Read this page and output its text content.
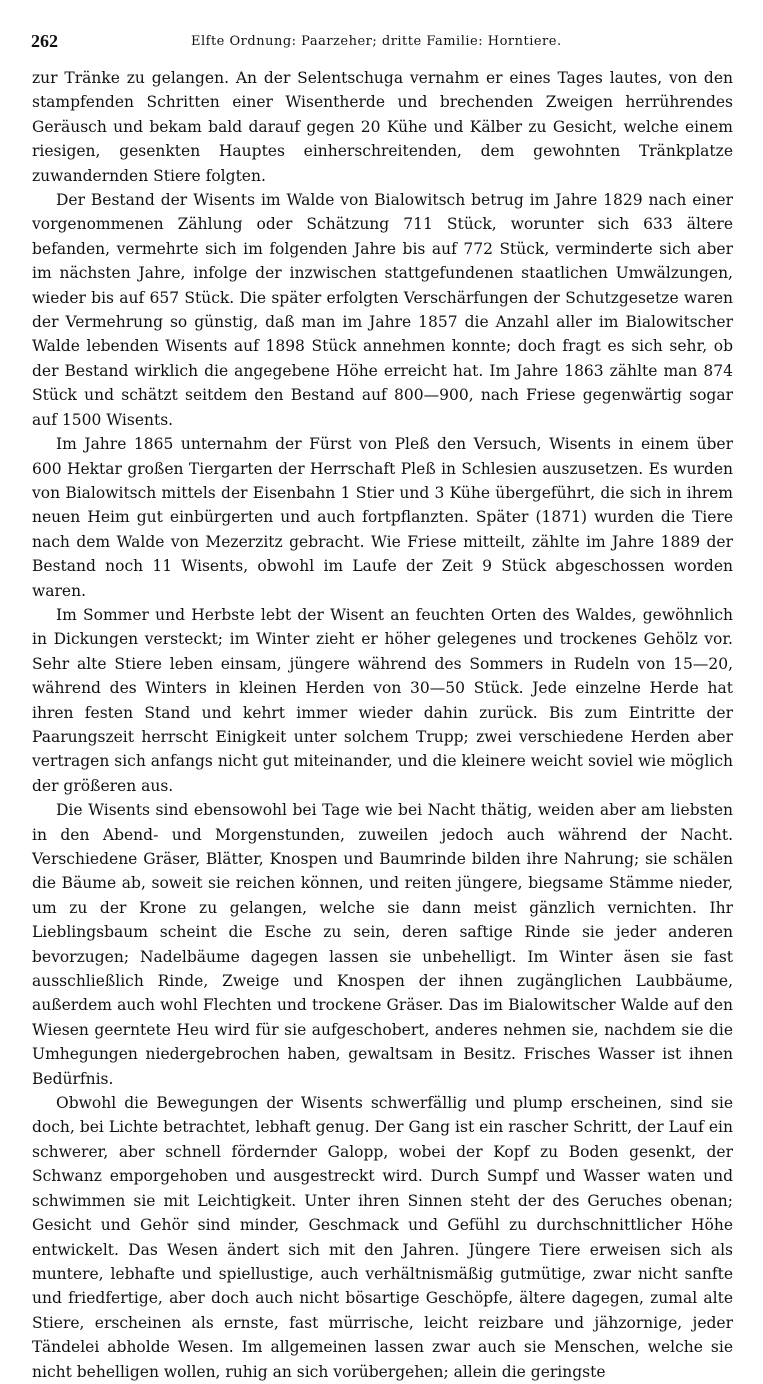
262	Elfte Ordnung: Paarzeher; dritte Familie: Horntiere.

zur Tränke zu gelangen. An der Selentschuga vernahm er eines Tages lautes, von den stampfenden Schritten einer Wisentherde und brechenden Zweigen herrührendes Geräusch und bekam bald darauf gegen 20 Kühe und Kälber zu Gesicht, welche einem riesigen, gesenkten Hauptes einherschreitenden, dem gewohnten Tränkplatze zuwandernden Stiere folgten.

Der Bestand der Wisents im Walde von Bialowitsch betrug im Jahre 1829 nach einer vorgenommenen Zählung oder Schätzung 711 Stück, worunter sich 633 ältere befanden, vermehrte sich im folgenden Jahre bis auf 772 Stück, verminderte sich aber im nächsten Jahre, infolge der inzwischen stattgefundenen staatlichen Umwälzungen, wieder bis auf 657 Stück. Die später erfolgten Verschärfungen der Schutzgesetze waren der Vermehrung so günstig, daß man im Jahre 1857 die Anzahl aller im Bialowitscher Walde lebenden Wisents auf 1898 Stück annehmen konnte; doch fragt es sich sehr, ob der Bestand wirklich die angegebene Höhe erreicht hat. Im Jahre 1863 zählte man 874 Stück und schätzt seitdem den Bestand auf 800—900, nach Friese gegenwärtig sogar auf 1500 Wisents.

Im Jahre 1865 unternahm der Fürst von Pleß den Versuch, Wisents in einem über 600 Hektar großen Tiergarten der Herrschaft Pleß in Schlesien auszusetzen. Es wurden von Bialowitsch mittels der Eisenbahn 1 Stier und 3 Kühe übergeführt, die sich in ihrem neuen Heim gut einbürgerten und auch fortpflanzten. Später (1871) wurden die Tiere nach dem Walde von Mezerzitz gebracht. Wie Friese mitteilt, zählte im Jahre 1889 der Bestand noch 11 Wisents, obwohl im Laufe der Zeit 9 Stück abgeschossen worden waren.

Im Sommer und Herbste lebt der Wisent an feuchten Orten des Waldes, gewöhnlich in Dickungen versteckt; im Winter zieht er höher gelegenes und trockenes Gehölz vor. Sehr alte Stiere leben einsam, jüngere während des Sommers in Rudeln von 15—20, während des Winters in kleinen Herden von 30—50 Stück. Jede einzelne Herde hat ihren festen Stand und kehrt immer wieder dahin zurück. Bis zum Eintritte der Paarungszeit herrscht Einigkeit unter solchem Trupp; zwei verschiedene Herden aber vertragen sich anfangs nicht gut miteinander, und die kleinere weicht soviel wie möglich der größeren aus.

Die Wisents sind ebensowohl bei Tage wie bei Nacht thätig, weiden aber am liebsten in den Abend- und Morgenstunden, zuweilen jedoch auch während der Nacht. Verschiedene Gräser, Blätter, Knospen und Baumrinde bilden ihre Nahrung; sie schälen die Bäume ab, soweit sie reichen können, und reiten jüngere, biegsame Stämme nieder, um zu der Krone zu gelangen, welche sie dann meist gänzlich vernichten. Ihr Lieblingsbaum scheint die Esche zu sein, deren saftige Rinde sie jeder anderen bevorzugen; Nadelbäume dagegen lassen sie unbehelligt. Im Winter äsen sie fast ausschließlich Rinde, Zweige und Knospen der ihnen zugänglichen Laubbäume, außerdem auch wohl Flechten und trockene Gräser. Das im Bialowitscher Walde auf den Wiesen geerntete Heu wird für sie aufgeschobert, anderes nehmen sie, nachdem sie die Umhegungen niedergebrochen haben, gewaltsam in Besitz. Frisches Wasser ist ihnen Bedürfnis.

Obwohl die Bewegungen der Wisents schwerfällig und plump erscheinen, sind sie doch, bei Lichte betrachtet, lebhaft genug. Der Gang ist ein rascher Schritt, der Lauf ein schwerer, aber schnell fördernder Galopp, wobei der Kopf zu Boden gesenkt, der Schwanz emporgehoben und ausgestreckt wird. Durch Sumpf und Wasser waten und schwimmen sie mit Leichtigkeit. Unter ihren Sinnen steht der des Geruches obenan; Gesicht und Gehör sind minder, Geschmack und Gefühl zu durchschnittlicher Höhe entwickelt. Das Wesen ändert sich mit den Jahren. Jüngere Tiere erweisen sich als muntere, lebhafte und spiellustige, auch verhältnismäßig gutmütige, zwar nicht sanfte und friedfertige, aber doch auch nicht bösartige Geschöpfe, ältere dagegen, zumal alte Stiere, erscheinen als ernste, fast mürrische, leicht reizbare und jähzornige, jeder Tändelei abholde Wesen. Im allgemeinen lassen zwar auch sie Menschen, welche sie nicht behelligen wollen, ruhig an sich vorübergehen; allein die geringste
